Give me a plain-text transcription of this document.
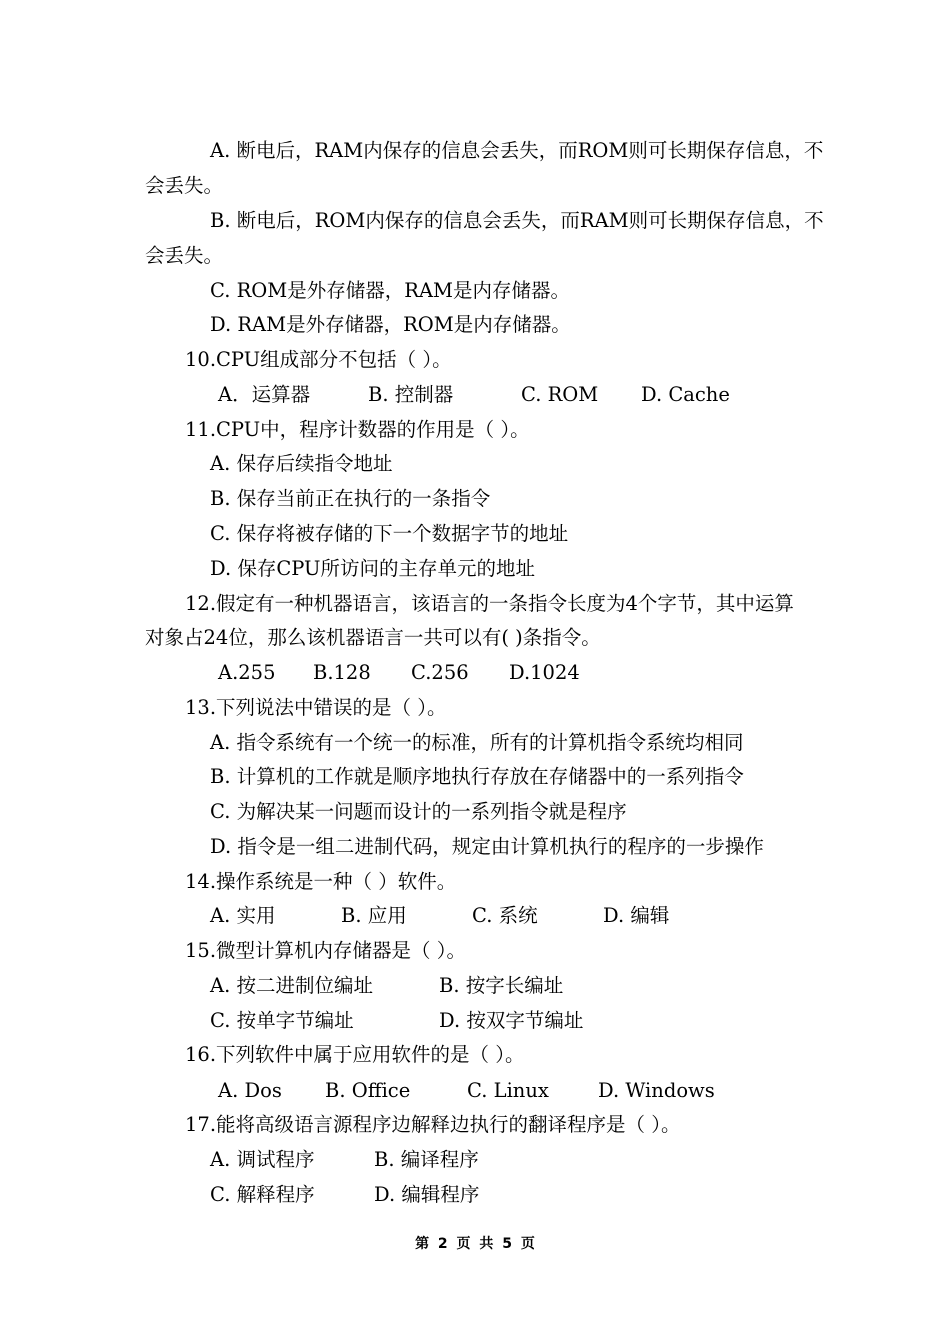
A. 断电后，RAM内保存的信息会丢失，而ROM则可长期保存信息，不
会丢失。
B. 断电后，ROM内保存的信息会丢失，而RAM则可长期保存信息，不
会丢失。
C. ROM是外存储器，RAM是内存储器。
D. RAM是外存储器，ROM是内存储器。
10.CPU组成部分不包括（ ）。
A．运算器	B. 控制器	C. ROM D. Cache
11.CPU中，程序计数器的作用是（ ）。
A. 保存后续指令地址
B. 保存当前正在执行的一条指令
C. 保存将被存储的下一个数据字节的地址
D. 保存CPU所访问的主存单元的地址
12.假定有一种机器语言，该语言的一条指令长度为4个字节，其中运算
对象占24位，那么该机器语言一共可以有( )条指令。
A.255 B.128 C.256 D.1024
13.下列说法中错误的是（ ）。
A. 指令系统有一个统一的标准，所有的计算机指令系统均相同
B. 计算机的工作就是顺序地执行存放在存储器中的一系列指令
C. 为解决某一问题而设计的一系列指令就是程序
D. 指令是一组二进制代码，规定由计算机执行的程序的一步操作
14.操作系统是一种（ ）软件。
A. 实用	B. 应用	C. 系统	D. 编辑
15.微型计算机内存储器是（ ）。
A. 按二进制位编址	B. 按字长编址
C. 按单字节编址	D. 按双字节编址
16.下列软件中属于应用软件的是（ ）。
A. Dos B. Office	C. Linux	D. Windows
17.能将高级语言源程序边解释边执行的翻译程序是（ ）。
A. 调试程序	B. 编译程序
C. 解释程序	D. 编辑程序
第 2 页 共 5 页
